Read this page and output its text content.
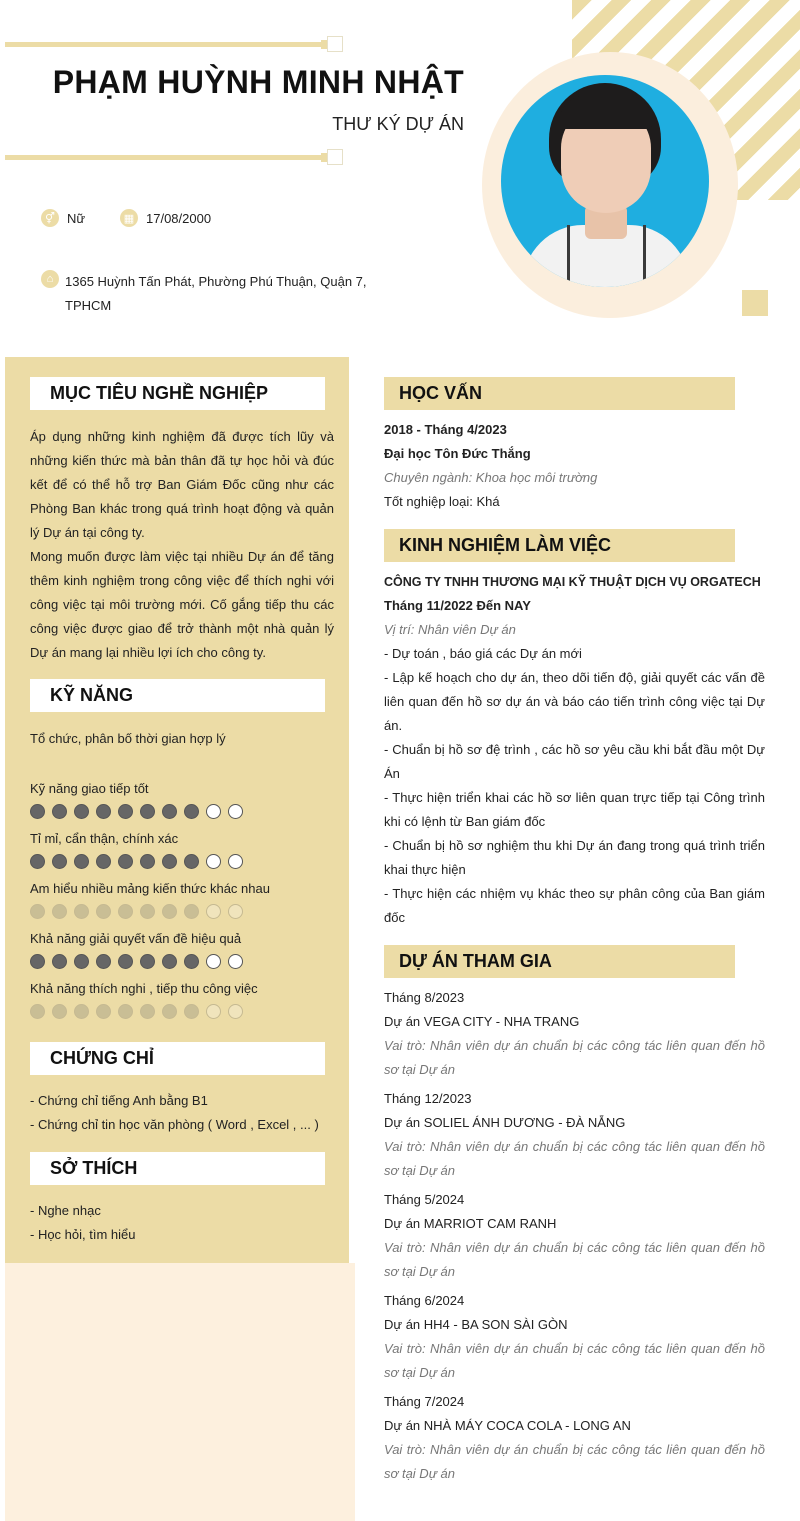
PHẠM HUỲNH MINH NHẬT
THƯ KÝ DỰ ÁN
⚥ Nữ	▦ 17/08/2000
⌂ 1365 Huỳnh Tấn Phát, Phường Phú Thuận, Quận 7, TPHCM
MỤC TIÊU NGHỀ NGHIỆP
Áp dụng những kinh nghiệm đã được tích lũy và những kiến thức mà bản thân đã tự học hỏi và đúc kết để có thể hỗ trợ Ban Giám Đốc cũng như các Phòng Ban khác trong quá trình hoạt động và quản lý Dự án tại công ty.
Mong muốn được làm việc tại nhiều Dự án để tăng thêm kinh nghiệm trong công việc để thích nghi với công việc tại môi trường mới. Cố gắng tiếp thu các công việc được giao để trở thành một nhà quản lý Dự án mang lại nhiều lợi ích cho công ty.
KỸ NĂNG
Tổ chức, phân bố thời gian hợp lý
Kỹ năng giao tiếp tốt
Tỉ mỉ, cẩn thận, chính xác
Am hiểu nhiều mảng kiến thức khác nhau
Khả năng giải quyết vấn đề hiệu quả
Khả năng thích nghi , tiếp thu công việc
CHỨNG CHỈ
- Chứng chỉ tiếng Anh bằng B1
- Chứng chỉ tin học văn phòng ( Word , Excel , ... )
SỞ THÍCH
- Nghe nhạc
- Học hỏi, tìm hiểu
HỌC VẤN
2018 - Tháng 4/2023
Đại học Tôn Đức Thắng
Chuyên ngành: Khoa học môi trường
Tốt nghiệp loại: Khá
KINH NGHIỆM LÀM VIỆC
CÔNG TY TNHH THƯƠNG MẠI KỸ THUẬT DỊCH VỤ ORGATECH
Tháng 11/2022 Đến NAY
Vị trí: Nhân viên Dự án
- Dự toán , báo giá các Dự án mới
- Lập kế hoạch cho dự án, theo dõi tiến độ, giải quyết các vấn đề liên quan đến hồ sơ dự án và báo cáo tiến trình công việc tại Dự án.
- Chuẩn bị hồ sơ đệ trình , các hồ sơ yêu cầu khi bắt đầu một Dự Án
- Thực hiện triển khai các hồ sơ liên quan trực tiếp tại Công trình khi có lệnh từ Ban giám đốc
- Chuẩn bị hồ sơ nghiệm thu khi Dự án đang trong quá trình triển khai thực hiện
- Thực hiện các nhiệm vụ khác theo sự phân công của Ban giám đốc
DỰ ÁN THAM GIA
Tháng 8/2023
Dự án VEGA CITY - NHA TRANG
Vai trò: Nhân viên dự án chuẩn bị các công tác liên quan đến hồ sơ tại Dự án
Tháng 12/2023
Dự án SOLIEL ÁNH DƯƠNG - ĐÀ NẴNG
Vai trò: Nhân viên dự án chuẩn bị các công tác liên quan đến hồ sơ tại Dự án
Tháng 5/2024
Dự án MARRIOT CAM RANH
Vai trò: Nhân viên dự án chuẩn bị các công tác liên quan đến hồ sơ tại Dự án
Tháng 6/2024
Dự án HH4 - BA SON SÀI GÒN
Vai trò: Nhân viên dự án chuẩn bị các công tác liên quan đến hồ sơ tại Dự án
Tháng 7/2024
Dự án NHÀ MÁY COCA COLA - LONG AN
Vai trò: Nhân viên dự án chuẩn bị các công tác liên quan đến hồ sơ tại Dự án
